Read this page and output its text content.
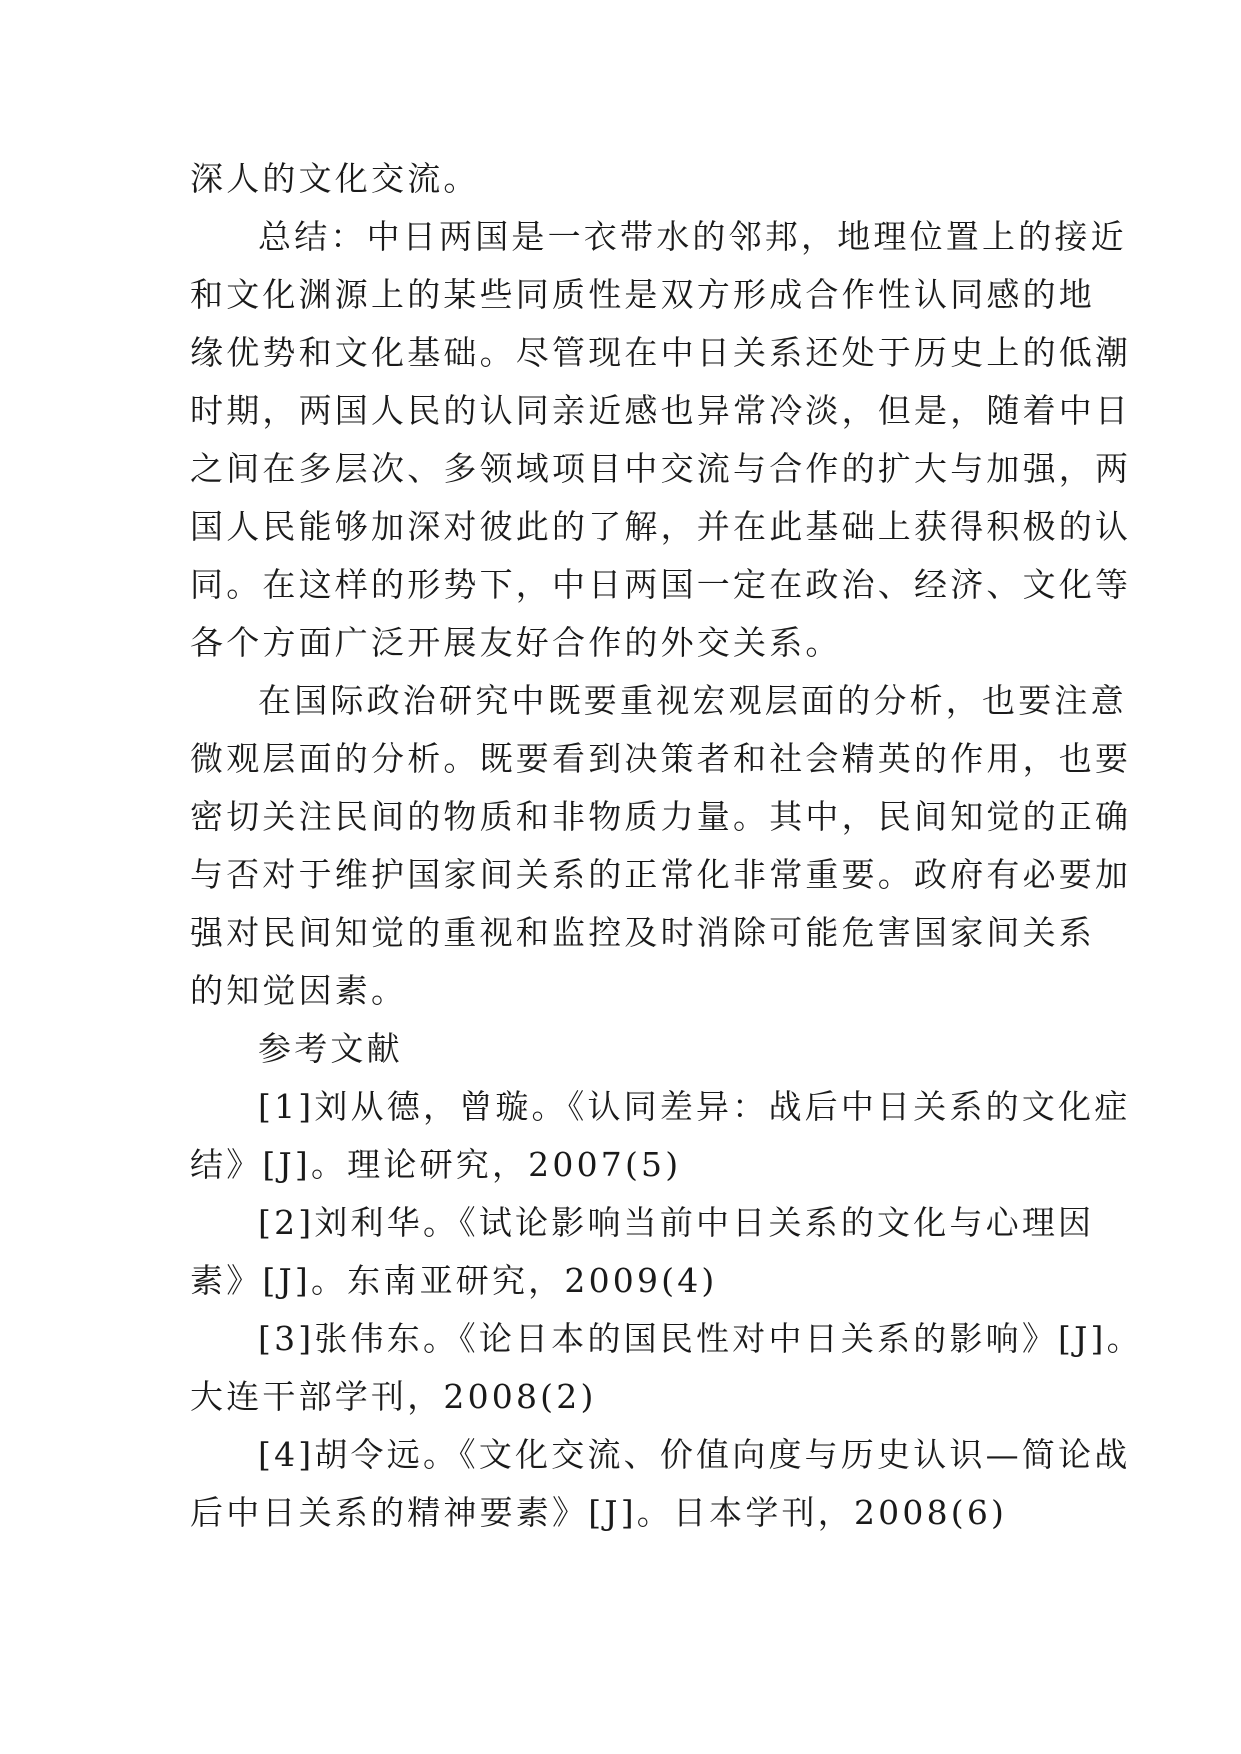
深人的文化交流。
总结：中日两国是一衣带水的邻邦，地理位置上的接近
和文化渊源上的某些同质性是双方形成合作性认同感的地
缘优势和文化基础。尽管现在中日关系还处于历史上的低潮
时期，两国人民的认同亲近感也异常冷淡，但是，随着中日
之间在多层次、多领域项目中交流与合作的扩大与加强，两
国人民能够加深对彼此的了解，并在此基础上获得积极的认
同。在这样的形势下，中日两国一定在政治、经济、文化等
各个方面广泛开展友好合作的外交关系。
在国际政治研究中既要重视宏观层面的分析，也要注意
微观层面的分析。既要看到决策者和社会精英的作用，也要
密切关注民间的物质和非物质力量。其中，民间知觉的正确
与否对于维护国家间关系的正常化非常重要。政府有必要加
强对民间知觉的重视和监控及时消除可能危害国家间关系
的知觉因素。
参考文献
[1]刘从德，曾璇。《认同差异：战后中日关系的文化症
结》[J]。理论研究，2007(5)
[2]刘利华。《试论影响当前中日关系的文化与心理因
素》[J]。东南亚研究，2009(4)
[3]张伟东。《论日本的国民性对中日关系的影响》[J]。
大连干部学刊，2008(2)
[4]胡令远。《文化交流、价值向度与历史认识—简论战
后中日关系的精神要素》[J]。日本学刊，2008(6)
